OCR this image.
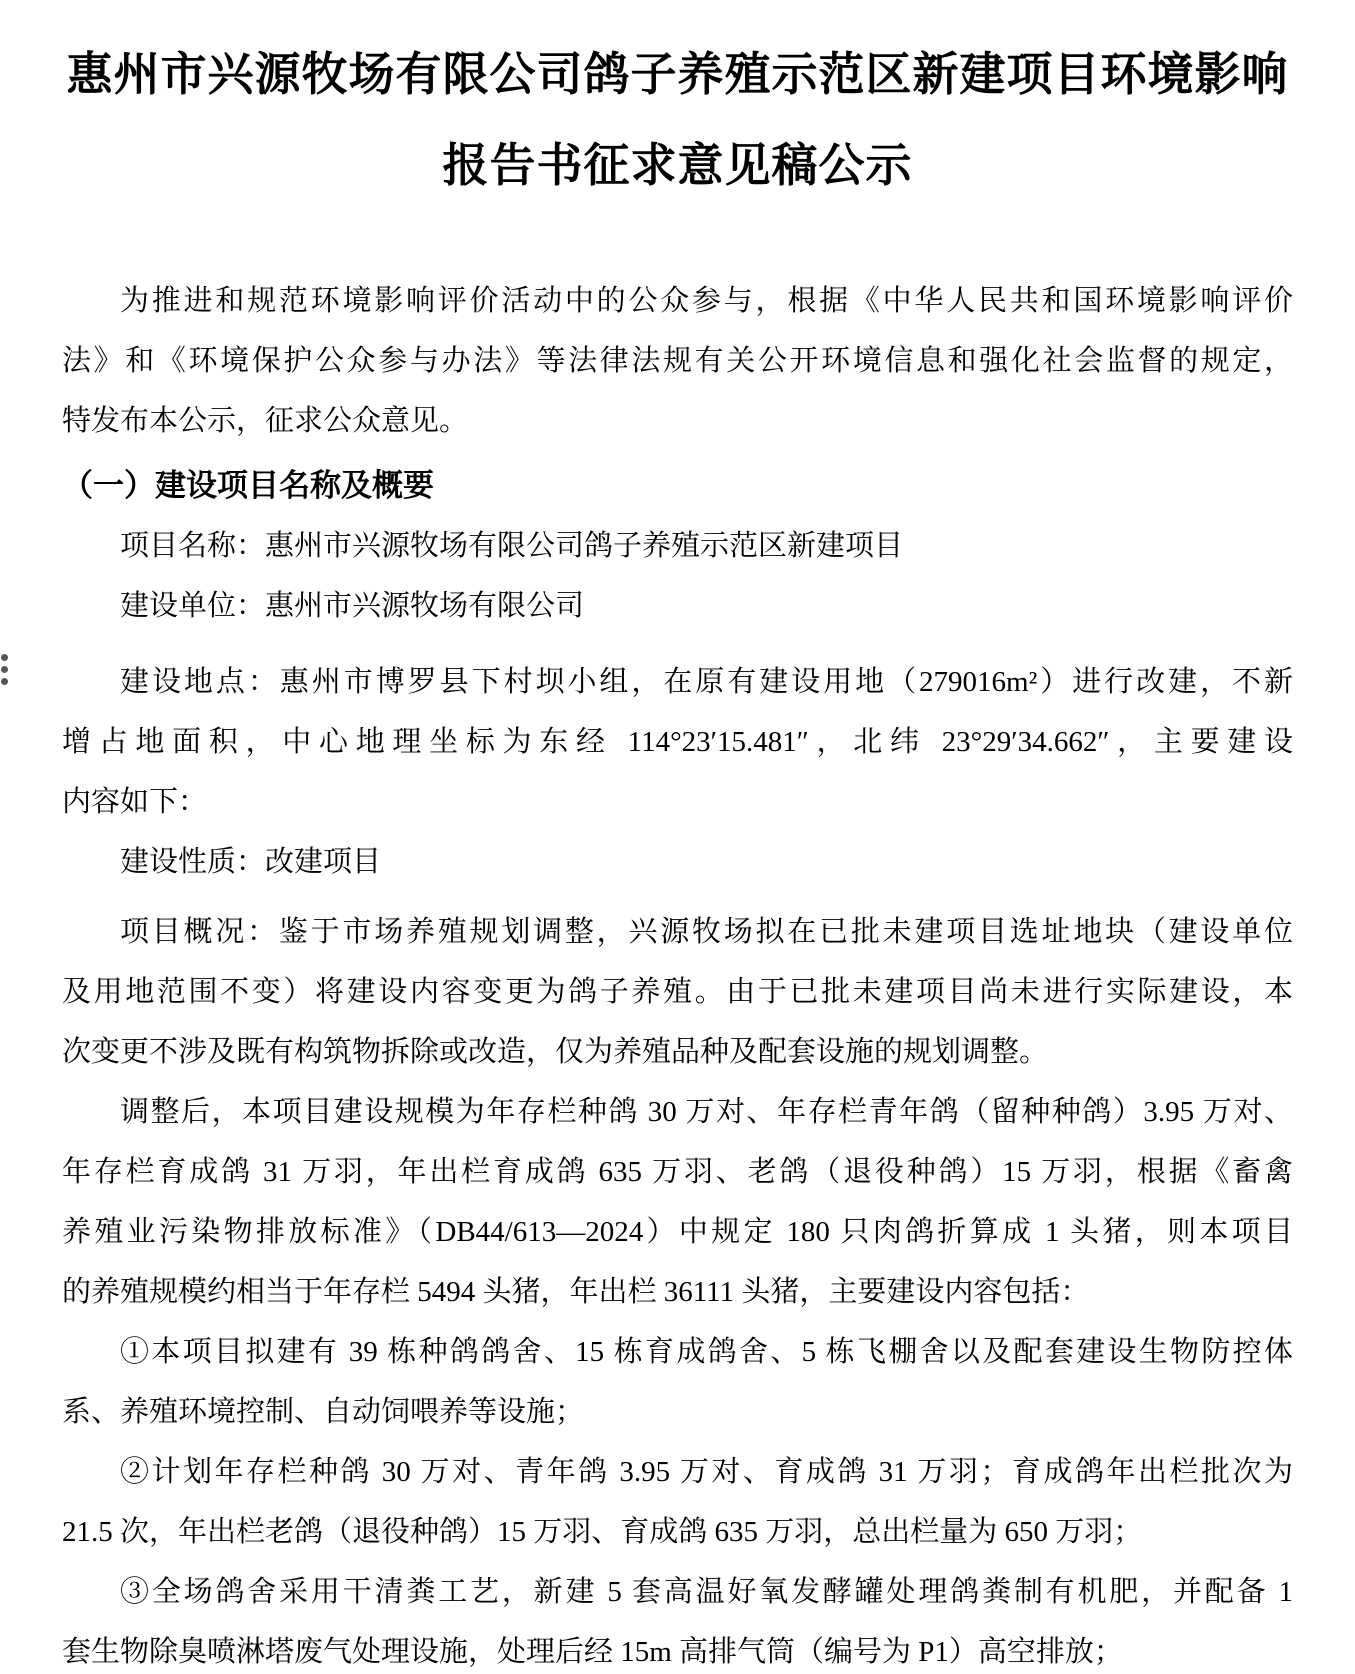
惠州市兴源牧场有限公司鸽子养殖示范区新建项目环境影响
报告书征求意见稿公示
为推进和规范环境影响评价活动中的公众参与，根据《中华人民共和国环境影响评价
法》和《环境保护公众参与办法》等法律法规有关公开环境信息和强化社会监督的规定，
特发布本公示，征求公众意见。
（一）建设项目名称及概要
项目名称：惠州市兴源牧场有限公司鸽子养殖示范区新建项目
建设单位：惠州市兴源牧场有限公司
建设地点：惠州市博罗县下村坝小组，在原有建设用地（279016m²）进行改建，不新
增占地面积，中心地理坐标为东经 114°23′15.481″，北纬 23°29′34.662″，主要建设
内容如下：
建设性质：改建项目
项目概况：鉴于市场养殖规划调整，兴源牧场拟在已批未建项目选址地块（建设单位
及用地范围不变）将建设内容变更为鸽子养殖。由于已批未建项目尚未进行实际建设，本
次变更不涉及既有构筑物拆除或改造，仅为养殖品种及配套设施的规划调整。
调整后，本项目建设规模为年存栏种鸽 30 万对、年存栏青年鸽（留种种鸽）3.95 万对、
年存栏育成鸽 31 万羽，年出栏育成鸽 635 万羽、老鸽（退役种鸽）15 万羽，根据《畜禽
养殖业污染物排放标准》（DB44/613—2024）中规定 180 只肉鸽折算成 1 头猪，则本项目
的养殖规模约相当于年存栏 5494 头猪，年出栏 36111 头猪，主要建设内容包括：
①本项目拟建有 39 栋种鸽鸽舍、15 栋育成鸽舍、5 栋飞棚舍以及配套建设生物防控体
系、养殖环境控制、自动饲喂养等设施；
②计划年存栏种鸽 30 万对、青年鸽 3.95 万对、育成鸽 31 万羽；育成鸽年出栏批次为
21.5 次，年出栏老鸽（退役种鸽）15 万羽、育成鸽 635 万羽，总出栏量为 650 万羽；
③全场鸽舍采用干清粪工艺，新建 5 套高温好氧发酵罐处理鸽粪制有机肥，并配备 1
套生物除臭喷淋塔废气处理设施，处理后经 15m 高排气筒（编号为 P1）高空排放；
